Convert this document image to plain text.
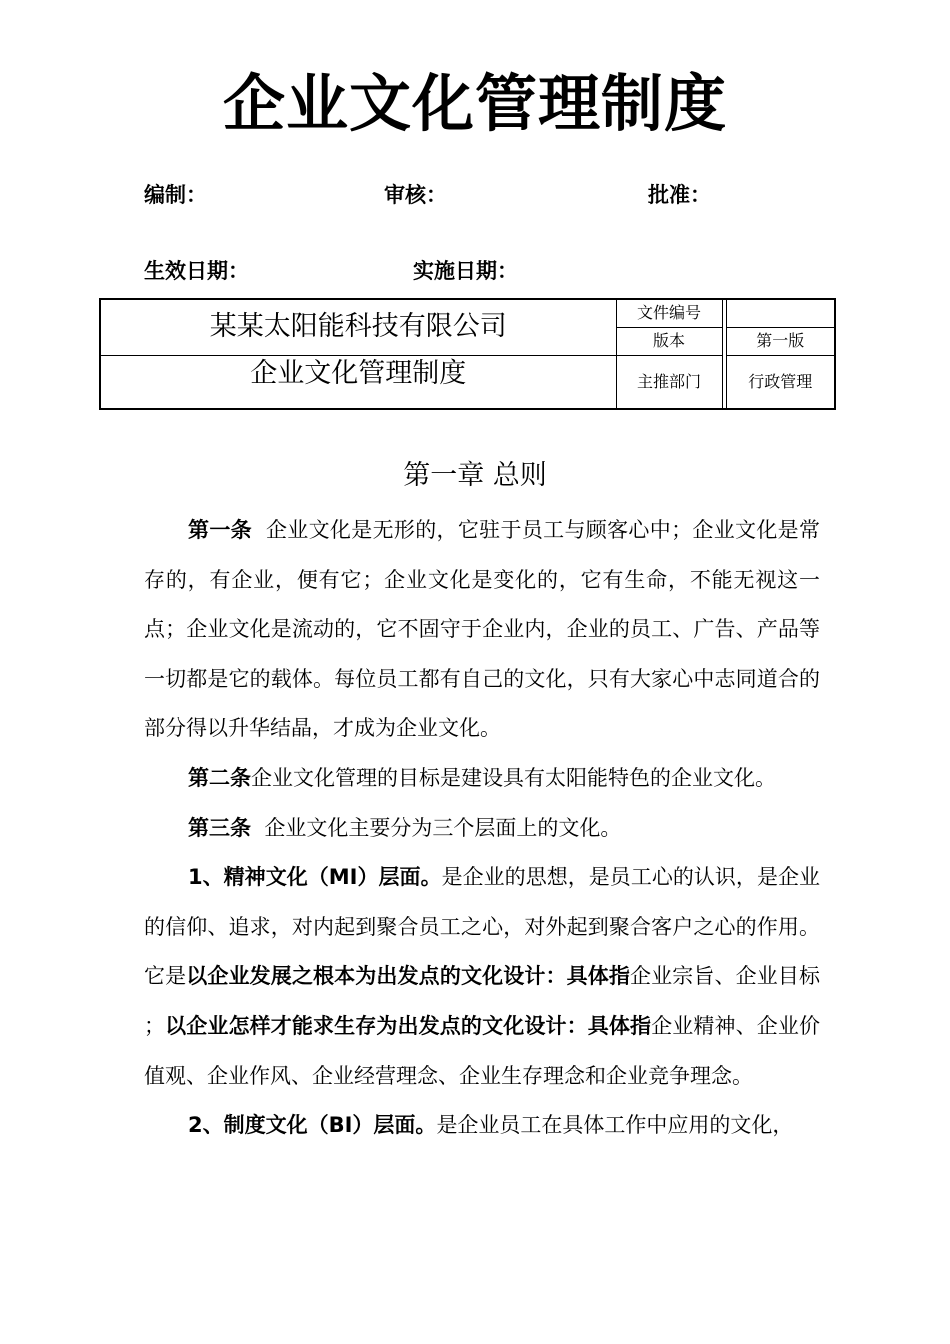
企业文化管理制度
编制：	审核：	批准：
生效日期：	实施日期：
某某太阳能科技有限公司	文件编号		
	版本		第一版
企业文化管理制度	主推部门		行政管理
第一章 总则

第一条  企业文化是无形的，它驻于员工与顾客心中；企业文化是常存的，有企业，便有它；企业文化是变化的，它有生命，不能无视这一点；企业文化是流动的，它不固守于企业内，企业的员工、广告、产品等一切都是它的载体。每位员工都有自己的文化，只有大家心中志同道合的部分得以升华结晶，才成为企业文化。

第二条企业文化管理的目标是建设具有太阳能特色的企业文化。

第三条  企业文化主要分为三个层面上的文化。

1、精神文化（MI）层面。是企业的思想，是员工心的认识，是企业的信仰、追求，对内起到聚合员工之心，对外起到聚合客户之心的作用。它是以企业发展之根本为出发点的文化设计：具体指企业宗旨、企业目标  ；以企业怎样才能求生存为出发点的文化设计：具体指企业精神、企业价值观、企业作风、企业经营理念、企业生存理念和企业竞争理念。

2、制度文化（BI）层面。是企业员工在具体工作中应用的文化，
